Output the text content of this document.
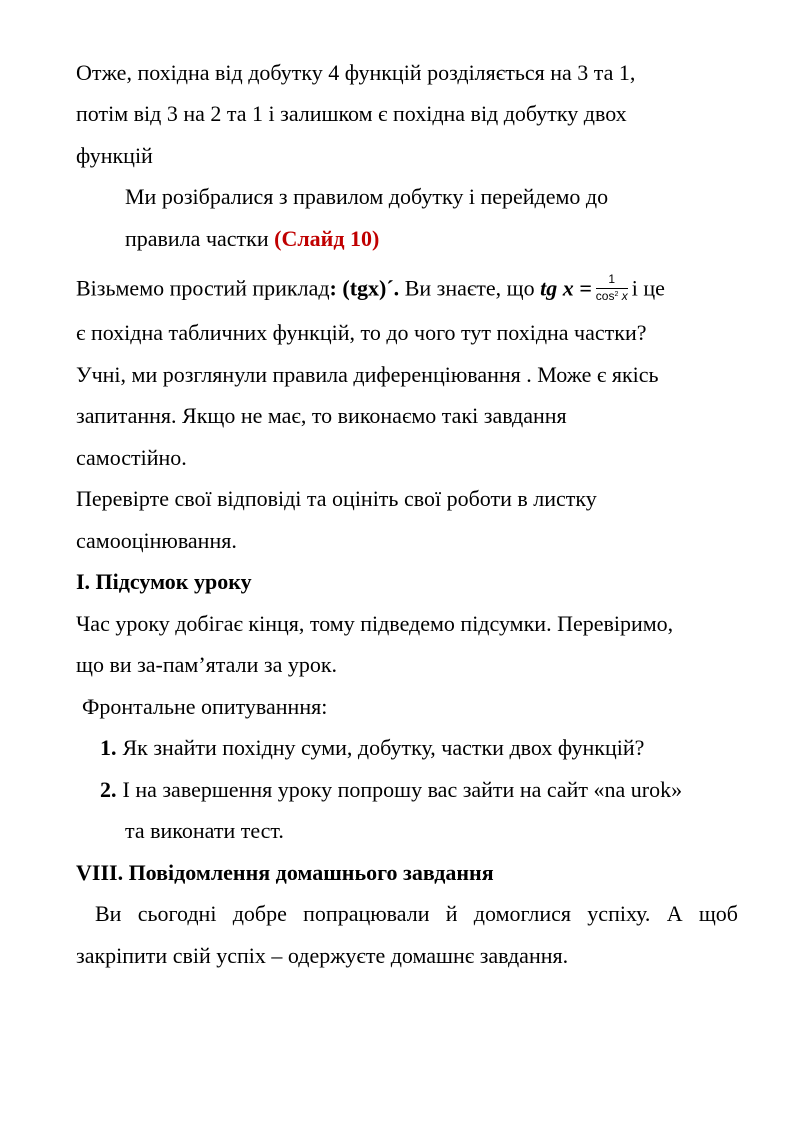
Отже, похідна від добутку 4 функцій розділяється на 3 та 1,

потім від 3 на 2 та 1 і залишком є похідна від добутку двох

функцій

Ми розібралися з правилом добутку і перейдемо до

правила частки (Слайд 10)

Візьмемо простий приклад: (tgx)´. Ви знаєте, що tg $x = \frac{1}{\cos^2 x}$ і це

є похідна табличних функцій, то до чого тут похідна частки?

Учні, ми розглянули правила диференціювання . Може є якісь

запитання. Якщо не має, то виконаємо такі завдання

самостійно.

Перевірте свої відповіді та оцініть свої роботи в листку

самооцінювання.

І. Підсумок уроку

Час уроку добігає кінця, тому підведемо підсумки. Перевіримо,

що ви за-пам’ятали за урок.

Фронтальне опитуванння:

1. Як знайти похідну суми, добутку, частки двох функцій?

2. І на завершення уроку попрошу вас зайти на сайт «na urok»

та виконати тест.

VIII. Повідомлення домашнього завдання

Ви сьогодні добре попрацювали й домоглися успіху. А щоб

закріпити свій успіх – одержуєте домашнє завдання.
